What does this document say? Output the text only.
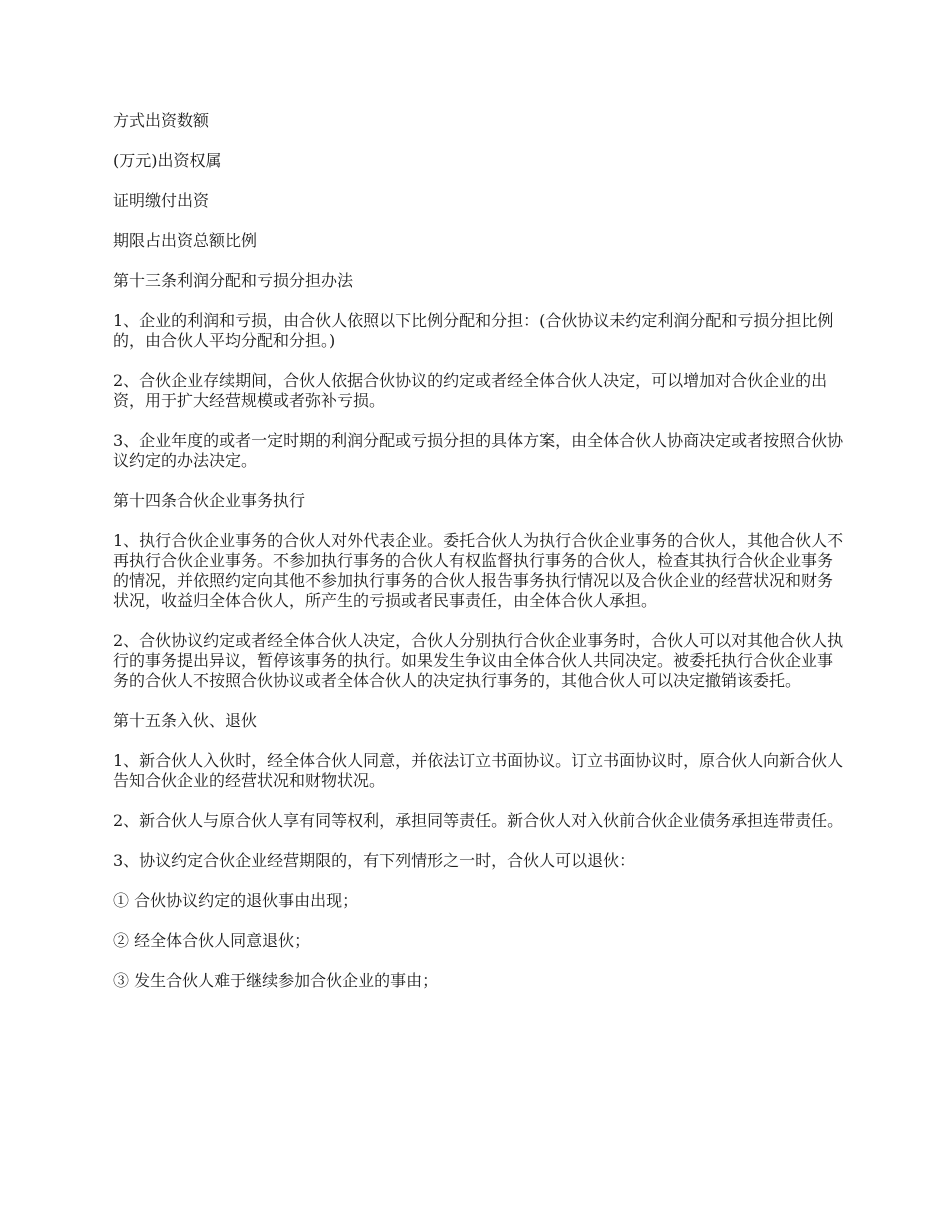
方式出资数额

(万元)出资权属

证明缴付出资

期限占出资总额比例

第十三条利润分配和亏损分担办法

1、企业的利润和亏损，由合伙人依照以下比例分配和分担：(合伙协议未约定利润分配和亏损分担比例的，由合伙人平均分配和分担。)

2、合伙企业存续期间，合伙人依据合伙协议的约定或者经全体合伙人决定，可以增加对合伙企业的出资，用于扩大经营规模或者弥补亏损。

3、企业年度的或者一定时期的利润分配或亏损分担的具体方案，由全体合伙人协商决定或者按照合伙协议约定的办法决定。

第十四条合伙企业事务执行

1、执行合伙企业事务的合伙人对外代表企业。委托合伙人为执行合伙企业事务的合伙人，其他合伙人不再执行合伙企业事务。不参加执行事务的合伙人有权监督执行事务的合伙人，检查其执行合伙企业事务的情况，并依照约定向其他不参加执行事务的合伙人报告事务执行情况以及合伙企业的经营状况和财务状况，收益归全体合伙人，所产生的亏损或者民事责任，由全体合伙人承担。

2、合伙协议约定或者经全体合伙人决定，合伙人分别执行合伙企业事务时，合伙人可以对其他合伙人执行的事务提出异议，暂停该事务的执行。如果发生争议由全体合伙人共同决定。被委托执行合伙企业事务的合伙人不按照合伙协议或者全体合伙人的决定执行事务的，其他合伙人可以决定撤销该委托。

第十五条入伙、退伙

1、新合伙人入伙时，经全体合伙人同意，并依法订立书面协议。订立书面协议时，原合伙人向新合伙人告知合伙企业的经营状况和财物状况。

2、新合伙人与原合伙人享有同等权利，承担同等责任。新合伙人对入伙前合伙企业债务承担连带责任。

3、协议约定合伙企业经营期限的，有下列情形之一时，合伙人可以退伙：

① 合伙协议约定的退伙事由出现；

② 经全体合伙人同意退伙；

③ 发生合伙人难于继续参加合伙企业的事由；
